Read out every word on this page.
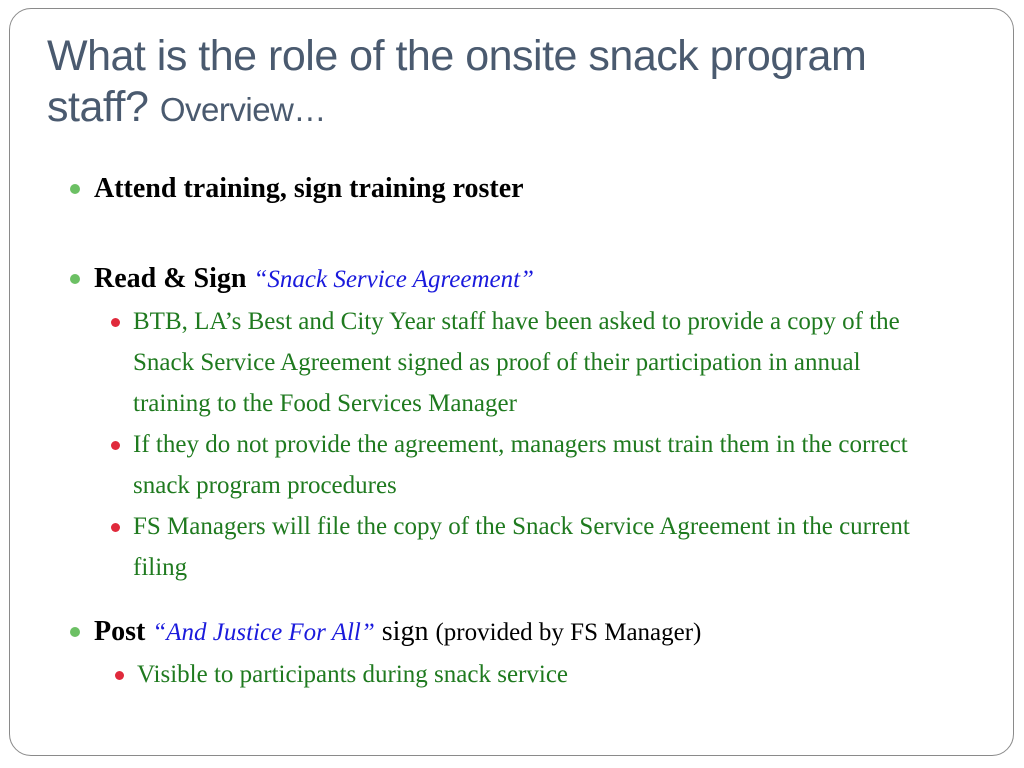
What is the role of the onsite snack program staff? Overview…
Attend training, sign training roster
Read & Sign “Snack Service Agreement”
BTB, LA’s Best and City Year staff have been asked to provide a copy of the Snack Service Agreement signed as proof of their participation in annual training to the Food Services Manager
If they do not provide the agreement, managers must train them in the correct snack program procedures
FS Managers will file the copy of the Snack Service Agreement in the current filing
Post “And Justice For All” sign (provided by FS Manager)
Visible to participants during snack service
